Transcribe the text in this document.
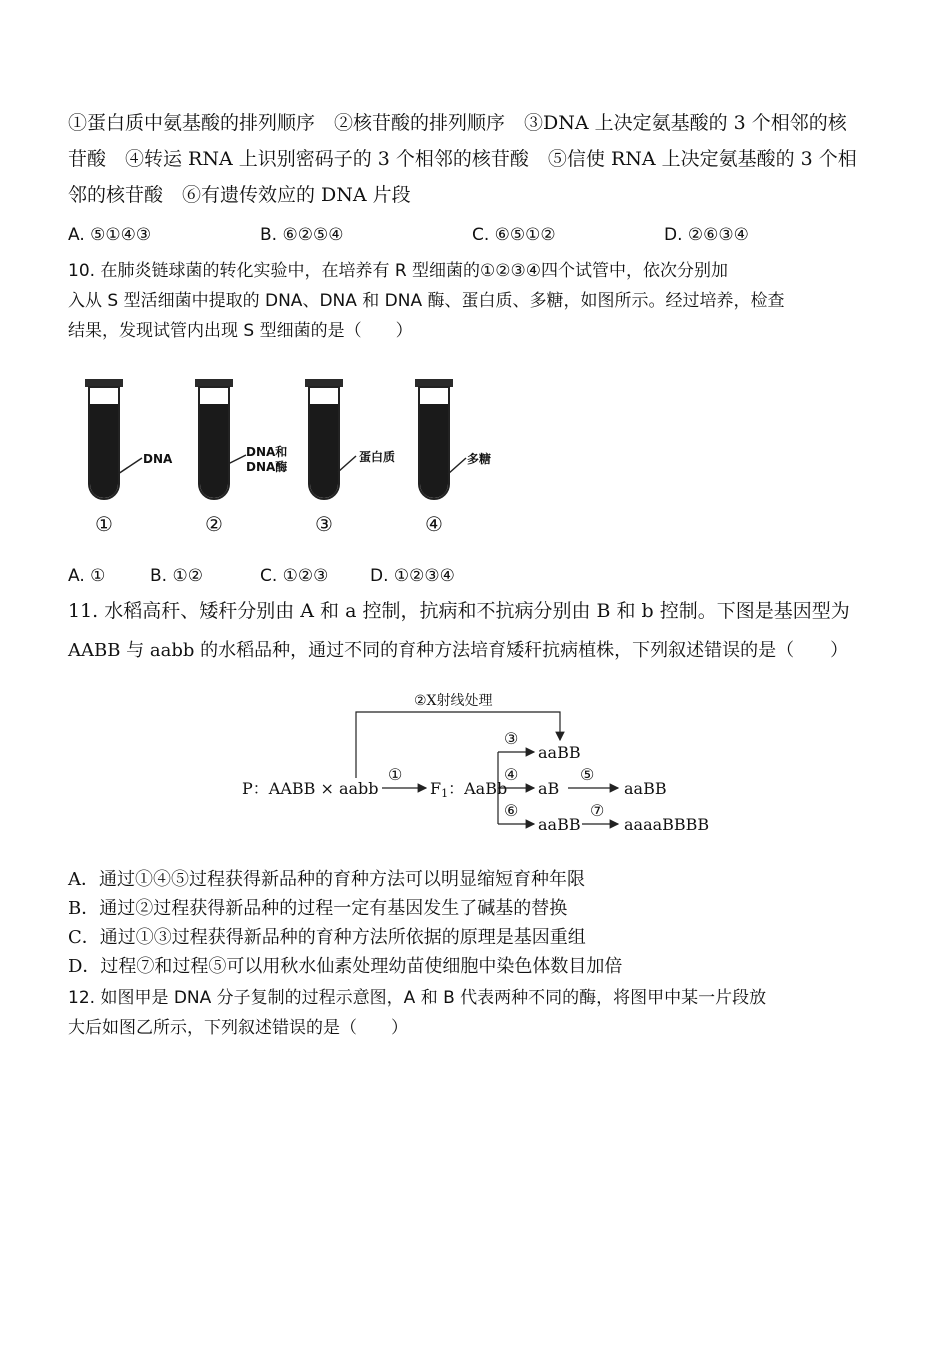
①蛋白质中氨基酸的排列顺序　②核苷酸的排列顺序　③DNA 上决定氨基酸的 3 个相邻的核
苷酸　④转运 RNA 上识别密码子的 3 个相邻的核苷酸　⑤信使 RNA 上决定氨基酸的 3 个相
邻的核苷酸　⑥有遗传效应的 DNA 片段
A. ⑤①④③	B. ⑥②⑤④	C. ⑥⑤①②	D. ②⑥③④
10. 在肺炎链球菌的转化实验中，在培养有 R 型细菌的①②③④四个试管中，依次分别加
入从 S 型活细菌中提取的 DNA、DNA 和 DNA 酶、蛋白质、多糖，如图所示。经过培养，检查
结果，发现试管内出现 S 型细菌的是（　　）
DNA
①
DNA和
DNA酶
②
蛋白质
③
多糖
④
A. ①	B. ①②	C. ①②③ D. ①②③④
11. 水稻高秆、矮秆分别由 A 和 a 控制，抗病和不抗病分别由 B 和 b 控制。下图是基因型为
AABB 与 aabb 的水稻品种，通过不同的育种方法培育矮秆抗病植株，下列叙述错误的是（　　）
②X射线处理
P：AABB × aabb
①
$F_1$：AaBb
③
aaBB
④
aB
⑤
aaBB
⑥
aaBB
⑦
aaaaBBBB
A．通过①④⑤过程获得新品种的育种方法可以明显缩短育种年限
B．通过②过程获得新品种的过程一定有基因发生了碱基的替换
C．通过①③过程获得新品种的育种方法所依据的原理是基因重组
D．过程⑦和过程⑤可以用秋水仙素处理幼苗使细胞中染色体数目加倍
12. 如图甲是 DNA 分子复制的过程示意图，A 和 B 代表两种不同的酶，将图甲中某一片段放
大后如图乙所示，下列叙述错误的是（　　）
